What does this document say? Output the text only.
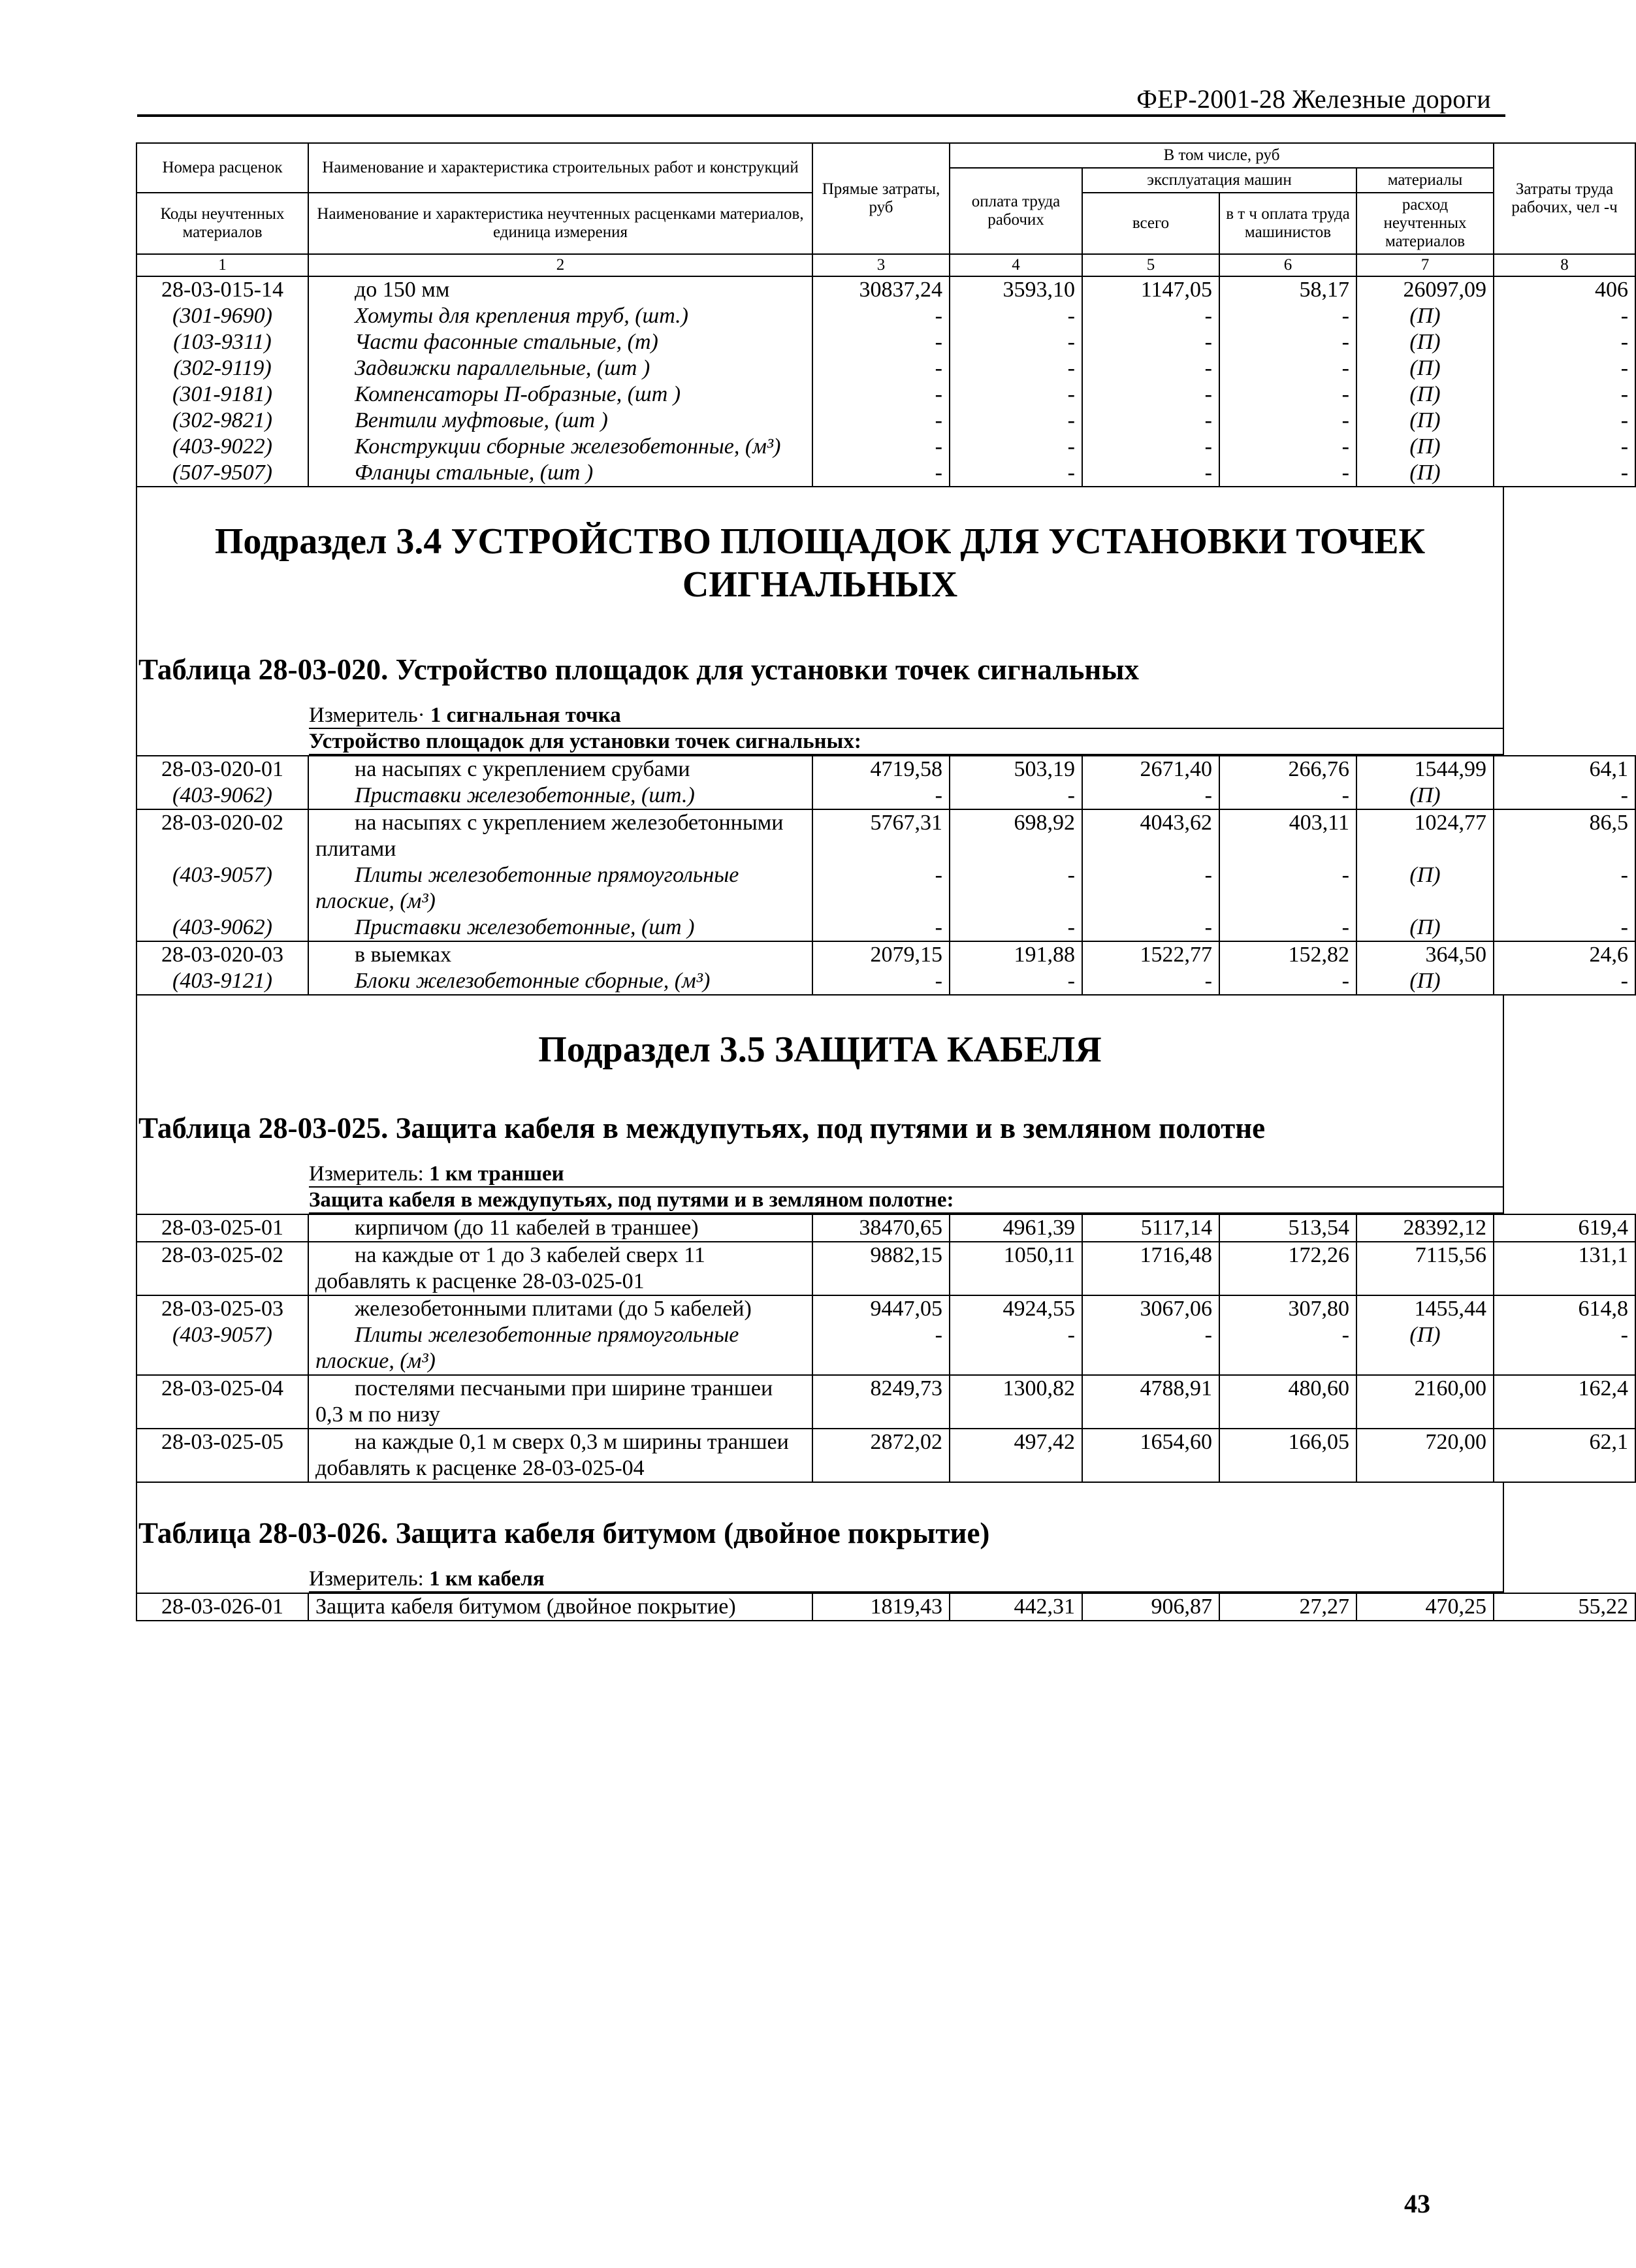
ФЕР-2001-28 Железные дороги
Номера расценок	Наименование и характеристика строительных работ и конструкций	Прямые затраты, руб	В том числе, руб				Затраты труда рабочих, чел -ч
			оплата труда рабочих	эксплуатация машин		материалы	
Коды неучтенных материалов	Наименование и характеристика неучтенных расценками материалов, единица измерения			всего	в т ч оплата труда машинистов	расход неучтенных материалов	

1	2	3	4	5	6	7	8
28-03-015-14	до 150 мм	30837,24	3593,10	1147,05	58,17	26097,09	406
(301-9690)	Хомуты для крепления труб, (шт.)	-	-	-	-	(П)	-
(103-9311)	Части фасонные стальные, (т)	-	-	-	-	(П)	-
(302-9119)	Задвижки параллельные, (шт )	-	-	-	-	(П)	-
(301-9181)	Компенсаторы П-образные, (шт )	-	-	-	-	(П)	-
(302-9821)	Вентили муфтовые, (шт )	-	-	-	-	(П)	-
(403-9022)	Конструкции сборные железобетонные, (м³)	-	-	-	-	(П)	-
(507-9507)	Фланцы стальные, (шт )	-	-	-	-	(П)	-
Подраздел 3.4 УСТРОЙСТВО ПЛОЩАДОК ДЛЯ УСТАНОВКИ ТОЧЕК СИГНАЛЬНЫХ
Таблица 28-03-020. Устройство площадок для установки точек сигнальных
Измеритель· 1 сигнальная точка
Устройство площадок для установки точек сигнальных:
28-03-020-01	на насыпях с укреплением срубами	4719,58	503,19	2671,40	266,76	1544,99	64,1
(403-9062)	Приставки железобетонные, (шт.)	-	-	-	-	(П)	-
28-03-020-02	на насыпях с укреплением железобетонными плитами	5767,31	698,92	4043,62	403,11	1024,77	86,5
(403-9057)	Плиты железобетонные прямоугольные плоские, (м³)	-	-	-	-	(П)	-
(403-9062)	Приставки железобетонные, (шт )	-	-	-	-	(П)	-
28-03-020-03	в выемках	2079,15	191,88	1522,77	152,82	364,50	24,6
(403-9121)	Блоки железобетонные сборные, (м³)	-	-	-	-	(П)	-
Подраздел 3.5 ЗАЩИТА КАБЕЛЯ
Таблица 28-03-025. Защита кабеля в междупутьях, под путями и в земляном полотне
Измеритель: 1 км траншеи
Защита кабеля в междупутьях, под путями и в земляном полотне:
28-03-025-01	кирпичом (до 11 кабелей в траншее)	38470,65	4961,39	5117,14	513,54	28392,12	619,4
28-03-025-02	на каждые от 1 до 3 кабелей сверх 11 добавлять к расценке 28-03-025-01	9882,15	1050,11	1716,48	172,26	7115,56	131,1
28-03-025-03	железобетонными плитами (до 5 кабелей)	9447,05	4924,55	3067,06	307,80	1455,44	614,8
(403-9057)	Плиты железобетонные прямоугольные плоские, (м³)	-	-	-	-	(П)	-
28-03-025-04	постелями песчаными при ширине траншеи 0,3 м по низу	8249,73	1300,82	4788,91	480,60	2160,00	162,4
28-03-025-05	на каждые 0,1 м сверх 0,3 м ширины траншеи добавлять к расценке 28-03-025-04	2872,02	497,42	1654,60	166,05	720,00	62,1
Таблица 28-03-026. Защита кабеля битумом (двойное покрытие)
Измеритель: 1 км кабеля
28-03-026-01	Защита кабеля битумом (двойное покрытие)	1819,43	442,31	906,87	27,27	470,25	55,22
43
